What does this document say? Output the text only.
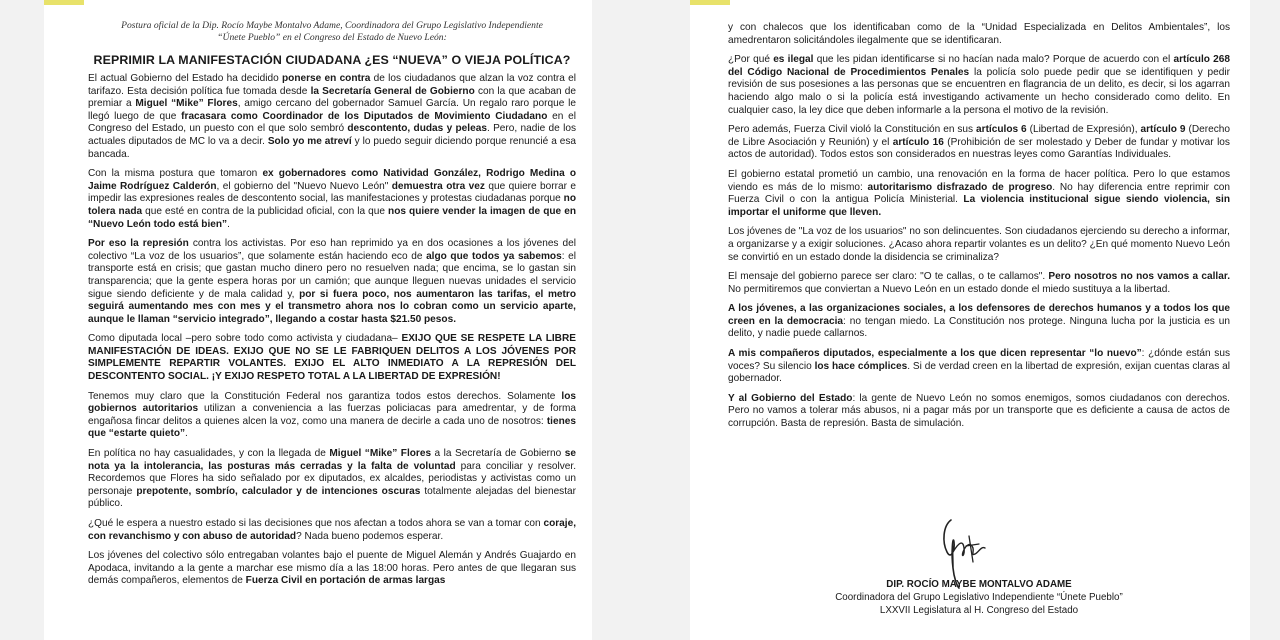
Postura oficial de la Dip. Rocío Maybe Montalvo Adame, Coordinadora del Grupo Legislativo Independiente
“Únete Pueblo” en el Congreso del Estado de Nuevo León:
REPRIMIR LA MANIFESTACIÓN CIUDADANA ¿ES “NUEVA” O VIEJA POLÍTICA?

El actual Gobierno del Estado ha decidido ponerse en contra de los ciudadanos que alzan la voz contra el tarifazo. Esta decisión política fue tomada desde la Secretaría General de Gobierno con la que acaban de premiar a Miguel “Mike” Flores, amigo cercano del gobernador Samuel García. Un regalo raro porque le llegó luego de que fracasara como Coordinador de los Diputados de Movimiento Ciudadano en el Congreso del Estado, un puesto con el que solo sembró descontento, dudas y peleas. Pero, nadie de los actuales diputados de MC lo va a decir. Solo yo me atreví y lo puedo seguir diciendo porque renuncié a esa bancada.

Con la misma postura que tomaron ex gobernadores como Natividad González, Rodrigo Medina o Jaime Rodríguez Calderón, el gobierno del "Nuevo Nuevo León" demuestra otra vez que quiere borrar e impedir las expresiones reales de descontento social, las manifestaciones y protestas ciudadanas porque no tolera nada que esté en contra de la publicidad oficial, con la que nos quiere vender la imagen de que en “Nuevo León todo está bien”.

Por eso la represión contra los activistas. Por eso han reprimido ya en dos ocasiones a los jóvenes del colectivo “La voz de los usuarios”, que solamente están haciendo eco de algo que todos ya sabemos: el transporte está en crisis; que gastan mucho dinero pero no resuelven nada; que encima, se lo gastan sin transparencia; que la gente espera horas por un camión; que aunque lleguen nuevas unidades el servicio sigue siendo deficiente y de mala calidad y, por si fuera poco, nos aumentaron las tarifas, el metro seguirá aumentando mes con mes y el transmetro ahora nos lo cobran como un servicio aparte, aunque le llaman “servicio integrado”, llegando a costar hasta $21.50 pesos.

Como diputada local –pero sobre todo como activista y ciudadana– EXIJO QUE SE RESPETE LA LIBRE MANIFESTACIÓN DE IDEAS. EXIJO QUE NO SE LE FABRIQUEN DELITOS A LOS JÓVENES POR SIMPLEMENTE REPARTIR VOLANTES. EXIJO EL ALTO INMEDIATO A LA REPRESIÓN DEL DESCONTENTO SOCIAL. ¡Y EXIJO RESPETO TOTAL A LA LIBERTAD DE EXPRESIÓN!

Tenemos muy claro que la Constitución Federal nos garantiza todos estos derechos. Solamente los gobiernos autoritarios utilizan a conveniencia a las fuerzas policiacas para amedrentar, y de forma engañosa fincar delitos a quienes alcen la voz, como una manera de decirle a cada uno de nosotros: tienes que “estarte quieto”.

En política no hay casualidades, y con la llegada de Miguel “Mike” Flores a la Secretaría de Gobierno se nota ya la intolerancia, las posturas más cerradas y la falta de voluntad para conciliar y resolver. Recordemos que Flores ha sido señalado por ex diputados, ex alcaldes, periodistas y activistas como un personaje prepotente, sombrío, calculador y de intenciones oscuras totalmente alejadas del bienestar público.

¿Qué le espera a nuestro estado si las decisiones que nos afectan a todos ahora se van a tomar con coraje, con revanchismo y con abuso de autoridad? Nada bueno podemos esperar.

Los jóvenes del colectivo sólo entregaban volantes bajo el puente de Miguel Alemán y Andrés Guajardo en Apodaca, invitando a la gente a marchar ese mismo día a las 18:00 horas. Pero antes de que llegaran sus demás compañeros, elementos de Fuerza Civil en portación de armas largas

y con chalecos que los identificaban como de la “Unidad Especializada en Delitos Ambientales”, los amedrentaron solicitándoles ilegalmente que se identificaran.

¿Por qué es ilegal que les pidan identificarse si no hacían nada malo? Porque de acuerdo con el artículo 268 del Código Nacional de Procedimientos Penales la policía solo puede pedir que se identifiquen y pedir revisión de sus posesiones a las personas que se encuentren en flagrancia de un delito, es decir, si los agarran haciendo algo malo o si la policía está investigando activamente un hecho considerado como delito. En cualquier caso, la ley dice que deben informarle a la persona el motivo de la revisión.

Pero además, Fuerza Civil violó la Constitución en sus artículos 6 (Libertad de Expresión), artículo 9 (Derecho de Libre Asociación y Reunión) y el artículo 16 (Prohibición de ser molestado y Deber de fundar y motivar los actos de autoridad). Todos estos son considerados en nuestras leyes como Garantías Individuales.

El gobierno estatal prometió un cambio, una renovación en la forma de hacer política. Pero lo que estamos viendo es más de lo mismo: autoritarismo disfrazado de progreso. No hay diferencia entre reprimir con Fuerza Civil o con la antigua Policía Ministerial. La violencia institucional sigue siendo violencia, sin importar el uniforme que lleven.

Los jóvenes de "La voz de los usuarios" no son delincuentes. Son ciudadanos ejerciendo su derecho a informar, a organizarse y a exigir soluciones. ¿Acaso ahora repartir volantes es un delito? ¿En qué momento Nuevo León se convirtió en un estado donde la disidencia se criminaliza?

El mensaje del gobierno parece ser claro: "O te callas, o te callamos". Pero nosotros no nos vamos a callar. No permitiremos que conviertan a Nuevo León en un estado donde el miedo sustituya a la libertad.

A los jóvenes, a las organizaciones sociales, a los defensores de derechos humanos y a todos los que creen en la democracia: no tengan miedo. La Constitución nos protege. Ninguna lucha por la justicia es un delito, y nadie puede callarnos.

A mis compañeros diputados, especialmente a los que dicen representar “lo nuevo”: ¿dónde están sus voces? Su silencio los hace cómplices. Si de verdad creen en la libertad de expresión, exijan cuentas claras al gobernador.

Y al Gobierno del Estado: la gente de Nuevo León no somos enemigos, somos ciudadanos con derechos. Pero no vamos a tolerar más abusos, ni a pagar más por un transporte que es deficiente a causa de actos de corrupción. Basta de represión. Basta de simulación.

DIP. ROCÍO MAYBE MONTALVO ADAME
Coordinadora del Grupo Legislativo Independiente “Únete Pueblo”
LXXVII Legislatura al H. Congreso del Estado
